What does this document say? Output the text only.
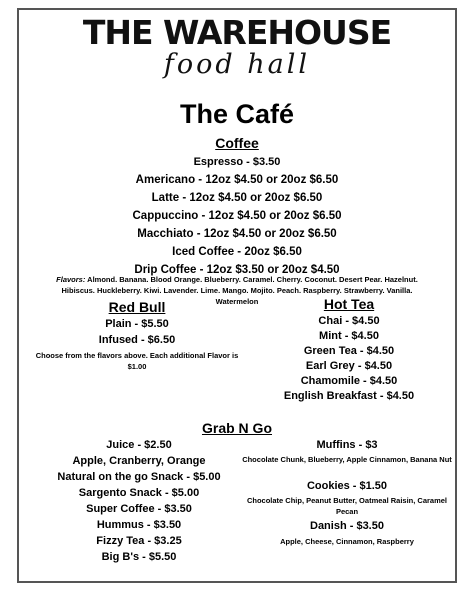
THE WAREHOUSE
food hall
The Café
Coffee
Espresso - $3.50
Americano - 12oz $4.50 or 20oz $6.50
Latte - 12oz $4.50 or 20oz $6.50
Cappuccino - 12oz $4.50 or 20oz $6.50
Macchiato - 12oz $4.50 or 20oz $6.50
Iced Coffee - 20oz $6.50
Drip Coffee - 12oz $3.50 or 20oz $4.50
Flavors: Almond. Banana. Blood Orange. Blueberry. Caramel. Cherry. Coconut. Desert Pear. Hazelnut. Hibiscus. Huckleberry. Kiwi. Lavender. Lime. Mango. Mojito. Peach. Raspberry. Strawberry. Vanilla. Watermelon
Red Bull
Plain - $5.50
Infused - $6.50
Choose from the flavors above. Each additional Flavor is $1.00
Hot Tea
Chai - $4.50
Mint - $4.50
Green Tea - $4.50
Earl Grey - $4.50
Chamomile - $4.50
English Breakfast - $4.50
Grab N Go
Juice - $2.50
Apple, Cranberry, Orange
Natural on the go Snack - $5.00
Sargento Snack - $5.00
Super Coffee - $3.50
Hummus - $3.50
Fizzy Tea - $3.25
Big B's - $5.50
Muffins - $3
Chocolate Chunk, Blueberry, Apple Cinnamon, Banana Nut
Cookies - $1.50
Chocolate Chip, Peanut Butter, Oatmeal Raisin, Caramel Pecan
Danish - $3.50
Apple, Cheese, Cinnamon, Raspberry
